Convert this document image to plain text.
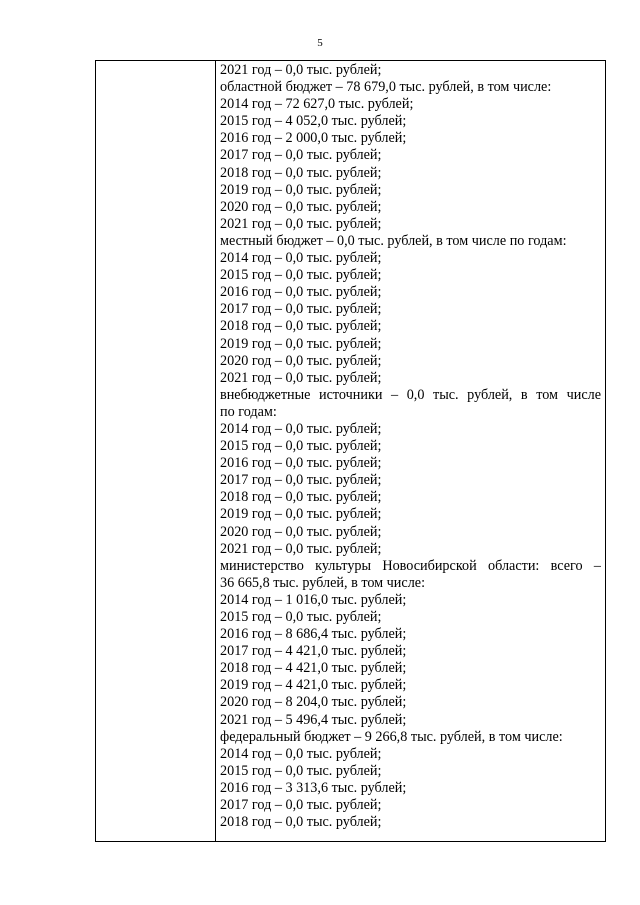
5

2021 год – 0,0 тыс. рублей;
областной бюджет – 78 679,0 тыс. рублей, в том числе:
2014 год – 72 627,0 тыс. рублей;
2015 год – 4 052,0 тыс. рублей;
2016 год – 2 000,0 тыс. рублей;
2017 год – 0,0 тыс. рублей;
2018 год – 0,0 тыс. рублей;
2019 год – 0,0 тыс. рублей;
2020 год – 0,0 тыс. рублей;
2021 год – 0,0 тыс. рублей;
местный бюджет – 0,0 тыс. рублей, в том числе по годам:
2014 год – 0,0 тыс. рублей;
2015 год – 0,0 тыс. рублей;
2016 год – 0,0 тыс. рублей;
2017 год – 0,0 тыс. рублей;
2018 год – 0,0 тыс. рублей;
2019 год – 0,0 тыс. рублей;
2020 год – 0,0 тыс. рублей;
2021 год – 0,0 тыс. рублей;
внебюджетные источники – 0,0 тыс. рублей, в том числе
по годам:
2014 год – 0,0 тыс. рублей;
2015 год – 0,0 тыс. рублей;
2016 год – 0,0 тыс. рублей;
2017 год – 0,0 тыс. рублей;
2018 год – 0,0 тыс. рублей;
2019 год – 0,0 тыс. рублей;
2020 год – 0,0 тыс. рублей;
2021 год – 0,0 тыс. рублей;
министерство культуры Новосибирской области: всего –
36 665,8 тыс. рублей, в том числе:
2014 год – 1 016,0 тыс. рублей;
2015 год – 0,0 тыс. рублей;
2016 год – 8 686,4 тыс. рублей;
2017 год – 4 421,0 тыс. рублей;
2018 год – 4 421,0 тыс. рублей;
2019 год – 4 421,0 тыс. рублей;
2020 год – 8 204,0 тыс. рублей;
2021 год – 5 496,4 тыс. рублей;
федеральный бюджет – 9 266,8 тыс. рублей, в том числе:
2014 год – 0,0 тыс. рублей;
2015 год – 0,0 тыс. рублей;
2016 год – 3 313,6 тыс. рублей;
2017 год – 0,0 тыс. рублей;
2018 год – 0,0 тыс. рублей;
